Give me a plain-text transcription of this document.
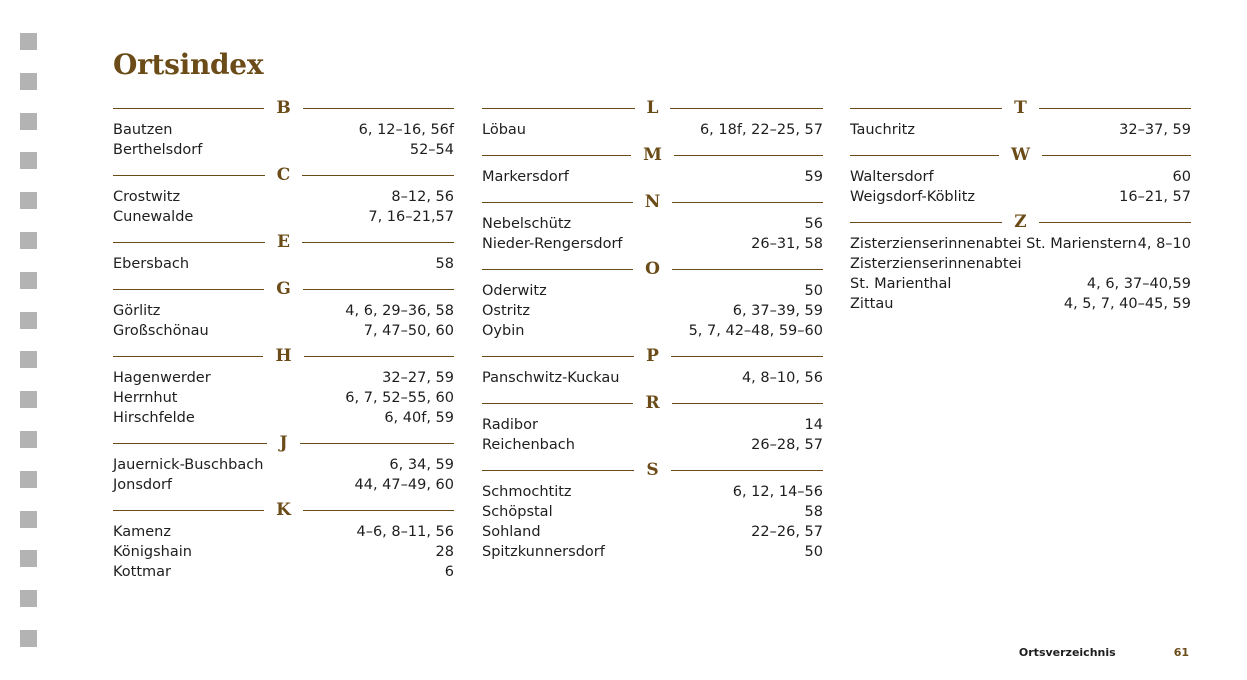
Ortsindex
B
Bautzen	6, 12–16, 56f
Berthelsdorf	52–54
C
Crostwitz	8–12, 56
Cunewalde	7, 16–21,57
E
Ebersbach	58
G
Görlitz	4, 6, 29–36, 58
Großschönau	7, 47–50, 60
H
Hagenwerder	32–27, 59
Herrnhut	6, 7, 52–55, 60
Hirschfelde	6, 40f, 59
J
Jauernick-Buschbach	6, 34, 59
Jonsdorf	44, 47–49, 60
K
Kamenz	4–6, 8–11, 56
Königshain	28
Kottmar	6
L
Löbau	6, 18f, 22–25, 57
M
Markersdorf	59
N
Nebelschütz	56
Nieder-Rengersdorf	26–31, 58
O
Oderwitz	50
Ostritz	6, 37–39, 59
Oybin	5, 7, 42–48, 59–60
P
Panschwitz-Kuckau	4, 8–10, 56
R
Radibor	14
Reichenbach	26–28, 57
S
Schmochtitz	6, 12, 14–56
Schöpstal	58
Sohland	22–26, 57
Spitzkunnersdorf	50
T
Tauchritz	32–37, 59
W
Waltersdorf	60
Weigsdorf-Köblitz	16–21, 57
Z
Zisterzienserinnenabtei St. Marienstern 4, 8–10
Zisterzienserinnenabtei
St. Marienthal	4, 6, 37–40,59
Zittau	4, 5, 7, 40–45, 59
Ortsverzeichnis	61
